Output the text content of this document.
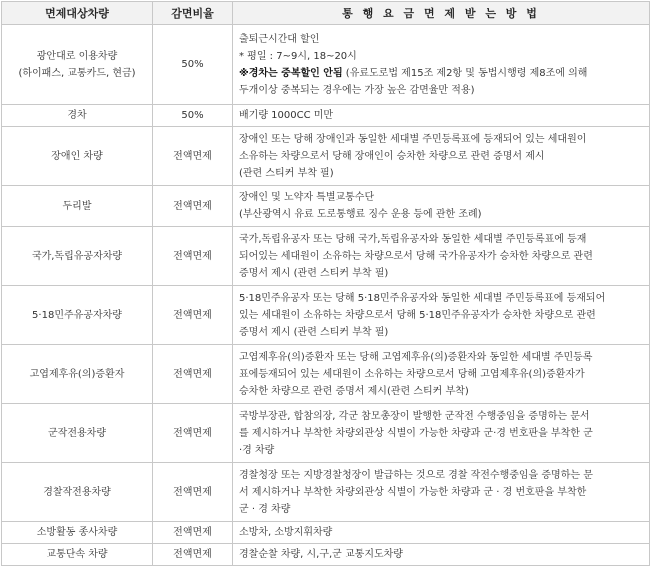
면제대상차량	감면비율	통 행 요 금 면 제 받 는 방 법

광안대로 이용차량
(하이패스, 교통카드, 현금)	50%	출퇴근시간대 할인
* 평일 : 7~9시, 18~20시
※경차는 중복할인 안됨 (유료도로법 제15조 제2항 및 동법시행령 제8조에 의해
두개이상 중복되는 경우에는 가장 높은 감면율만 적용)

경차	50%	배기량 1000CC 미만

장애인 차량	전액면제	장애인 또는 당해 장애인과 동일한 세대별 주민등록표에 등재되어 있는 세대원이
소유하는 차량으로서 당해 장애인이 승차한 차량으로 관련 증명서 제시
(관련 스티커 부착 필)

두리발	전액면제	장애인 및 노약자 특별교통수단
(부산광역시 유료 도로통행료 징수 운용 등에 관한 조례)

국가,독립유공자차량	전액면제	국가,독립유공자 또는 당해 국가,독립유공자와 동일한 세대별 주민등록표에 등재
되어있는 세대원이 소유하는 차량으로서 당해 국가유공자가 승차한 차량으로 관련
증명서 제시 (관련 스티커 부착 필)

5·18민주유공자차량	전액면제	5·18민주유공자 또는 당해 5·18민주유공자와 동일한 세대별 주민등록표에 등재되어
있는 세대원이 소유하는 차량으로서 당해 5·18민주유공자가 승차한 차량으로 관련
증명서 제시 (관련 스티커 부착 필)

고엽제후유(의)증환자	전액면제	고엽제후유(의)증환자 또는 당해 고엽제후유(의)증환자와 동일한 세대별 주민등록
표에등재되어 있는 세대원이 소유하는 차량으로서 당해 고엽제후유(의)증환자가
승차한 차량으로 관련 증명서 제시(관련 스티커 부착)

군작전용차량	전액면제	국방부장관, 합참의장, 각군 참모총장이 발행한 군작전 수행중임을 증명하는 문서
를 제시하거나 부착한 차량외관상 식별이 가능한 차량과 군·경 번호판을 부착한 군
·경 차량

경찰작전용차량	전액면제	경찰청장 또는 지방경찰청장이 발급하는 것으로 경찰 작전수행중임을 증명하는 문
서 제시하거나 부착한 차량외관상 식별이 가능한 차량과 군 · 경 번호판을 부착한
군 · 경 차량

소방활동 종사차량	전액면제	소방차, 소방지휘차량

교통단속 차량	전액면제	경찰순찰 차량, 시,구,군 교통지도차량
